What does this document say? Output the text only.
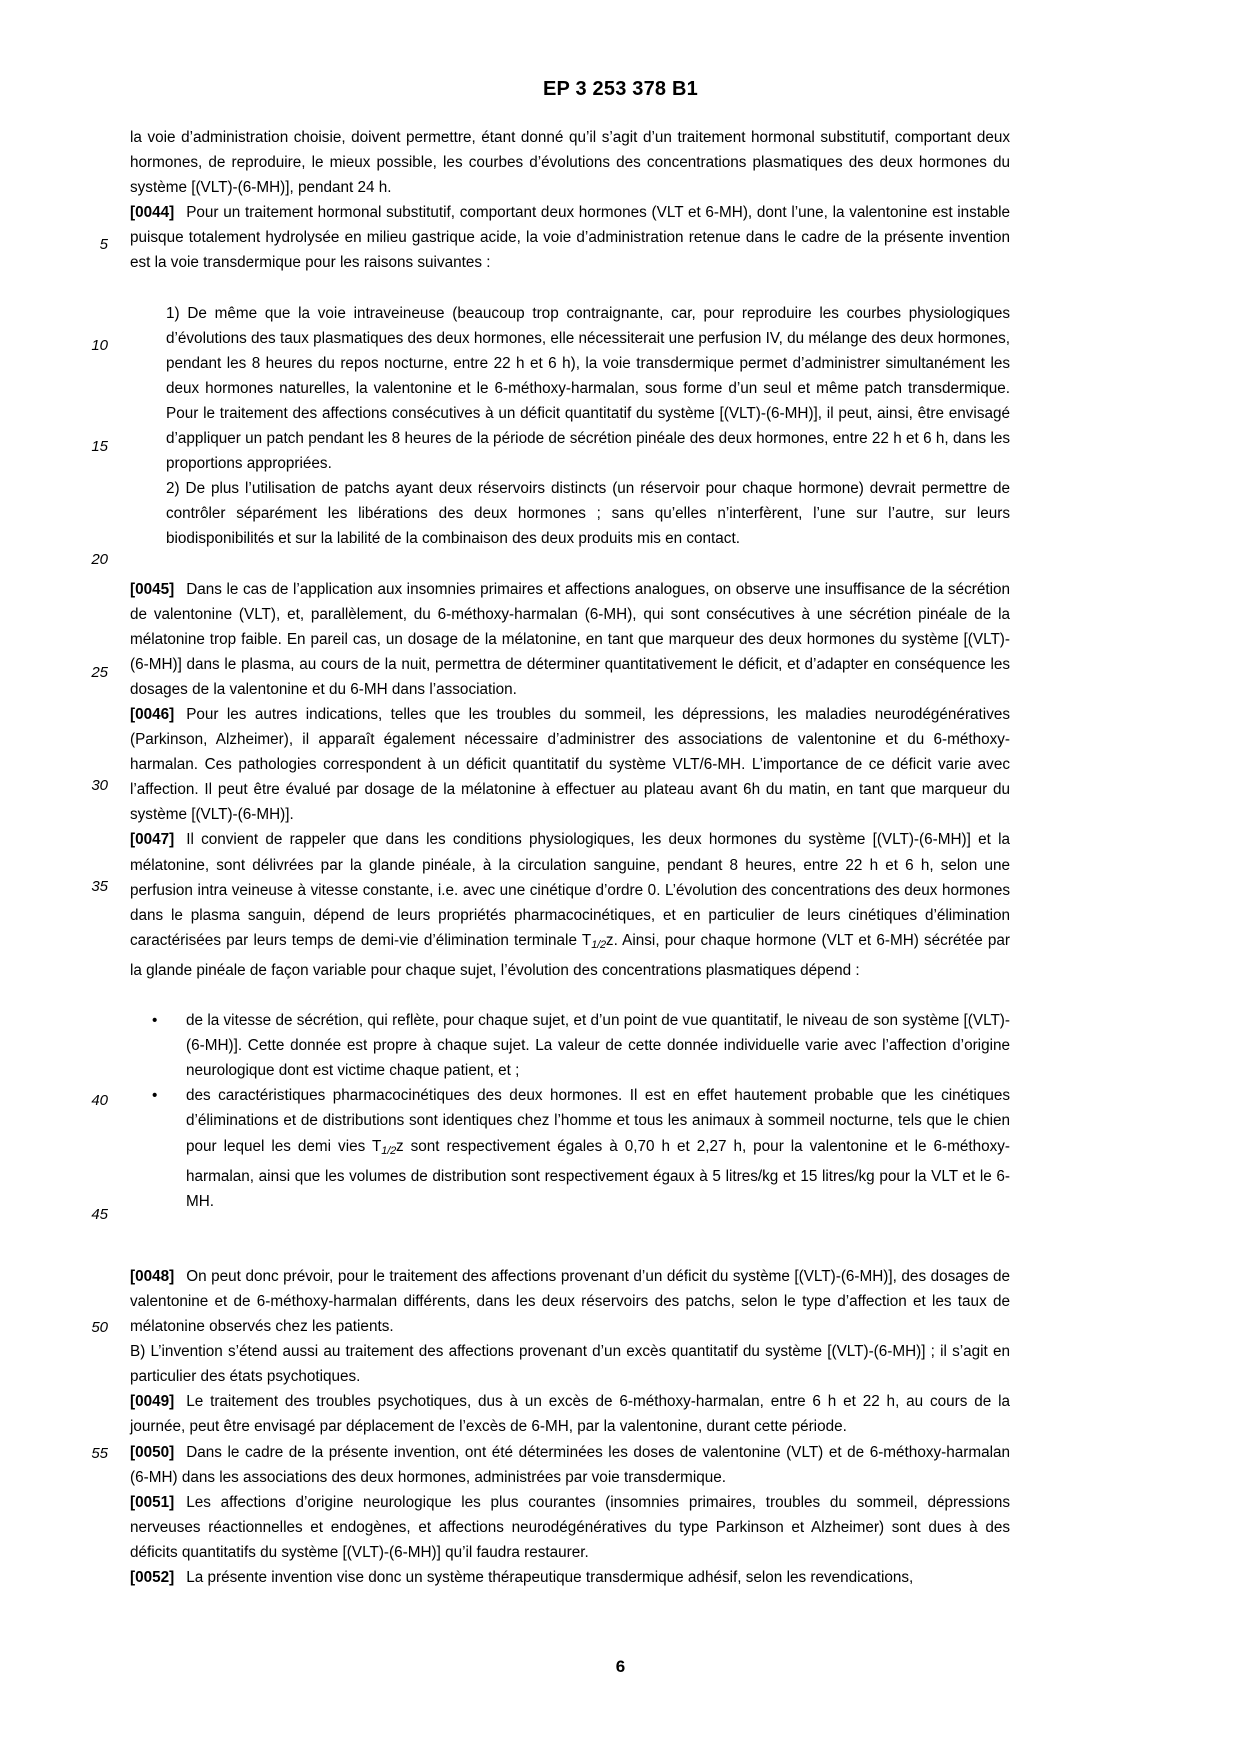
EP 3 253 378 B1
5
10
15
20
25
30
35
40
45
50
55

la voie d’administration choisie, doivent permettre, étant donné qu’il s’agit d’un traitement hormonal substitutif, comportant deux hormones, de reproduire, le mieux possible, les courbes d’évolutions des concentrations plasmatiques des deux hormones du système [(VLT)-(6-MH)], pendant 24 h.

[0044] Pour un traitement hormonal substitutif, comportant deux hormones (VLT et 6-MH), dont l’une, la valentonine est instable puisque totalement hydrolysée en milieu gastrique acide, la voie d’administration retenue dans le cadre de la présente invention est la voie transdermique pour les raisons suivantes :

1) De même que la voie intraveineuse (beaucoup trop contraignante, car, pour reproduire les courbes physiologiques d’évolutions des taux plasmatiques des deux hormones, elle nécessiterait une perfusion IV, du mélange des deux hormones, pendant les 8 heures du repos nocturne, entre 22 h et 6 h), la voie transdermique permet d’administrer simultanément les deux hormones naturelles, la valentonine et le 6-méthoxy-harmalan, sous forme d’un seul et même patch transdermique. Pour le traitement des affections consécutives à un déficit quantitatif du système [(VLT)-(6-MH)], il peut, ainsi, être envisagé d’appliquer un patch pendant les 8 heures de la période de sécrétion pinéale des deux hormones, entre 22 h et 6 h, dans les proportions appropriées.

2) De plus l’utilisation de patchs ayant deux réservoirs distincts (un réservoir pour chaque hormone) devrait permettre de contrôler séparément les libérations des deux hormones ; sans qu’elles n’interfèrent, l’une sur l’autre, sur leurs biodisponibilités et sur la labilité de la combinaison des deux produits mis en contact.

[0045] Dans le cas de l’application aux insomnies primaires et affections analogues, on observe une insuffisance de la sécrétion de valentonine (VLT), et, parallèlement, du 6-méthoxy-harmalan (6-MH), qui sont consécutives à une sécrétion pinéale de la mélatonine trop faible. En pareil cas, un dosage de la mélatonine, en tant que marqueur des deux hormones du système [(VLT)-(6-MH)] dans le plasma, au cours de la nuit, permettra de déterminer quantitativement le déficit, et d’adapter en conséquence les dosages de la valentonine et du 6-MH dans l’association.

[0046] Pour les autres indications, telles que les troubles du sommeil, les dépressions, les maladies neurodégénératives (Parkinson, Alzheimer), il apparaît également nécessaire d’administrer des associations de valentonine et du 6-méthoxy-harmalan. Ces pathologies correspondent à un déficit quantitatif du système VLT/6-MH. L’importance de ce déficit varie avec l’affection. Il peut être évalué par dosage de la mélatonine à effectuer au plateau avant 6h du matin, en tant que marqueur du système [(VLT)-(6-MH)].

[0047] Il convient de rappeler que dans les conditions physiologiques, les deux hormones du système [(VLT)-(6-MH)] et la mélatonine, sont délivrées par la glande pinéale, à la circulation sanguine, pendant 8 heures, entre 22 h et 6 h, selon une perfusion intra veineuse à vitesse constante, i.e. avec une cinétique d’ordre 0. L’évolution des concentrations des deux hormones dans le plasma sanguin, dépend de leurs propriétés pharmacocinétiques, et en particulier de leurs cinétiques d’élimination caractérisées par leurs temps de demi-vie d’élimination terminale $T_{1/2}z$. Ainsi, pour chaque hormone (VLT et 6-MH) sécrétée par la glande pinéale de façon variable pour chaque sujet, l’évolution des concentrations plasmatiques dépend :

•	de la vitesse de sécrétion, qui reflète, pour chaque sujet, et d’un point de vue quantitatif, le niveau de son système [(VLT)-(6-MH)]. Cette donnée est propre à chaque sujet. La valeur de cette donnée individuelle varie avec l’affection d’origine neurologique dont est victime chaque patient, et ;
•	des caractéristiques pharmacocinétiques des deux hormones. Il est en effet hautement probable que les cinétiques d’éliminations et de distributions sont identiques chez l’homme et tous les animaux à sommeil nocturne, tels que le chien pour lequel les demi vies $T_{1/2}z$ sont respectivement égales à 0,70 h et 2,27 h, pour la valentonine et le 6-méthoxy-harmalan, ainsi que les volumes de distribution sont respectivement égaux à 5 litres/kg et 15 litres/kg pour la VLT et le 6-MH.

[0048] On peut donc prévoir, pour le traitement des affections provenant d’un déficit du système [(VLT)-(6-MH)], des dosages de valentonine et de 6-méthoxy-harmalan différents, dans les deux réservoirs des patchs, selon le type d’affection et les taux de mélatonine observés chez les patients.

B) L’invention s’étend aussi au traitement des affections provenant d’un excès quantitatif du système [(VLT)-(6-MH)] ; il s’agit en particulier des états psychotiques.

[0049] Le traitement des troubles psychotiques, dus à un excès de 6-méthoxy-harmalan, entre 6 h et 22 h, au cours de la journée, peut être envisagé par déplacement de l’excès de 6-MH, par la valentonine, durant cette période.

[0050] Dans le cadre de la présente invention, ont été déterminées les doses de valentonine (VLT) et de 6-méthoxy-harmalan (6-MH) dans les associations des deux hormones, administrées par voie transdermique.

[0051] Les affections d’origine neurologique les plus courantes (insomnies primaires, troubles du sommeil, dépressions nerveuses réactionnelles et endogènes, et affections neurodégénératives du type Parkinson et Alzheimer) sont dues à des déficits quantitatifs du système [(VLT)-(6-MH)] qu’il faudra restaurer.

[0052] La présente invention vise donc un système thérapeutique transdermique adhésif, selon les revendications,

6
